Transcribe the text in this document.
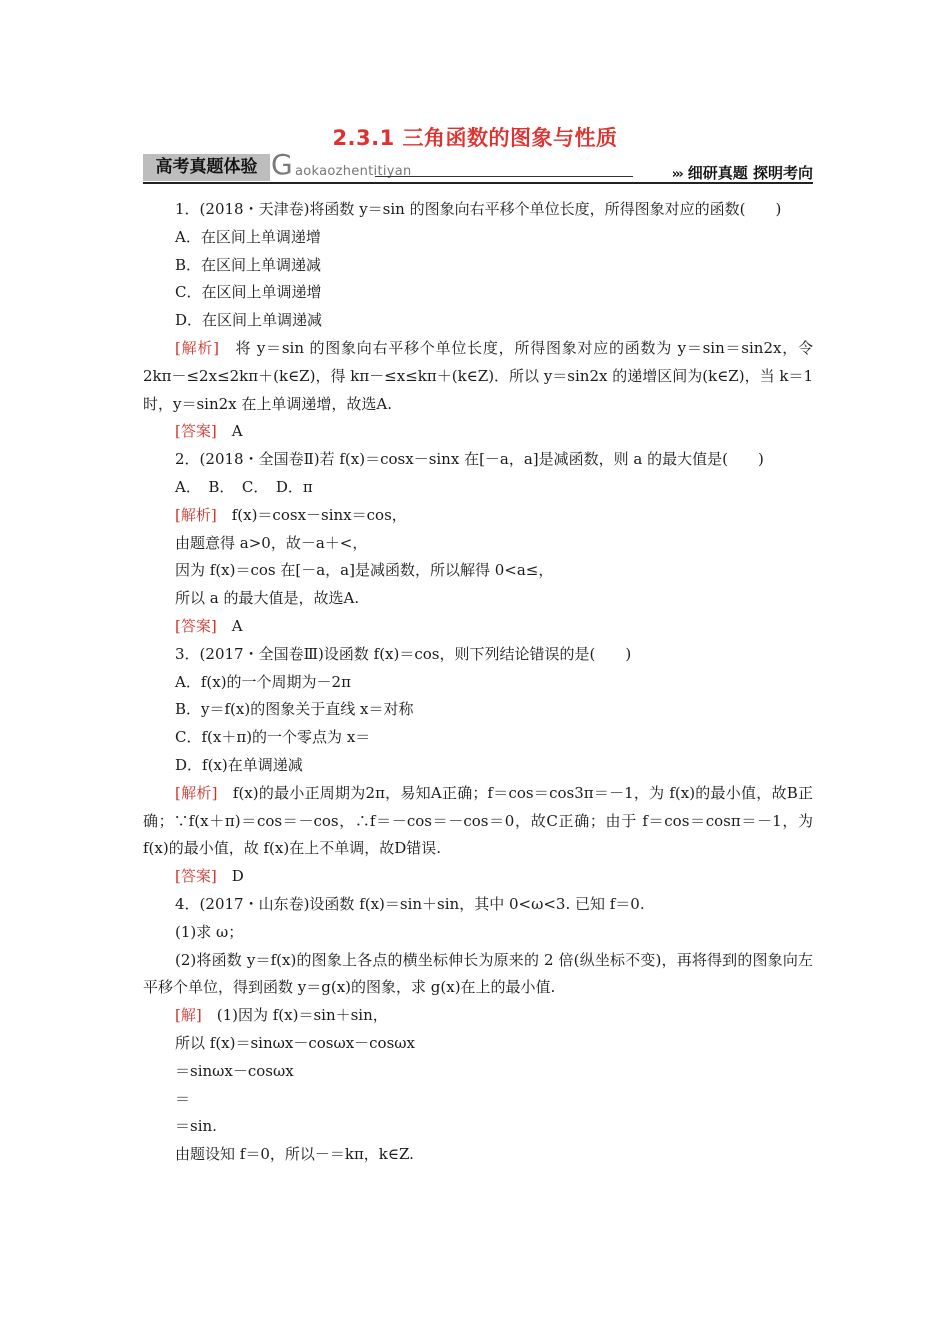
2.3.1 三角函数的图象与性质
高考真题体验 G aokaozhentitiyan	››› 细研真题 探明考向

1．(2018・天津卷)将函数 y＝sin 的图象向右平移个单位长度，所得图象对应的函数(　　)

A．在区间上单调递增

B．在区间上单调递减

C．在区间上单调递增

D．在区间上单调递减

[解析]　将 y＝sin 的图象向右平移个单位长度，所得图象对应的函数为 y＝sin＝sin2x，令 2kπ－≤2x≤2kπ＋(k∈Z)，得 kπ－≤x≤kπ＋(k∈Z)．所以 y＝sin2x 的递增区间为(k∈Z)，当 k＝1 时，y＝sin2x 在上单调递增，故选A.

[答案]　A

2．(2018・全国卷Ⅱ)若 f(x)＝cosx－sinx 在[－a，a]是减函数，则 a 的最大值是(　　)

A．　B．　C．　D．π

[解析]　f(x)＝cosx－sinx＝cos，

由题意得 a>0，故－a＋<，

因为 f(x)＝cos 在[－a，a]是减函数，所以解得 0<a≤，

所以 a 的最大值是，故选A.

[答案]　A

3．(2017・全国卷Ⅲ)设函数 f(x)＝cos，则下列结论错误的是(　　)

A．f(x)的一个周期为－2π

B．y＝f(x)的图象关于直线 x＝对称

C．f(x＋π)的一个零点为 x＝

D．f(x)在单调递减

[解析]　f(x)的最小正周期为2π，易知A正确；f＝cos＝cos3π＝－1，为 f(x)的最小值，故B正确；∵f(x＋π)＝cos＝－cos，∴f＝－cos＝－cos＝0，故C正确；由于 f＝cos＝cosπ＝－1，为 f(x)的最小值，故 f(x)在上不单调，故D错误.

[答案]　D

4．(2017・山东卷)设函数 f(x)＝sin＋sin，其中 0<ω<3. 已知 f＝0.

(1)求 ω；

(2)将函数 y＝f(x)的图象上各点的横坐标伸长为原来的 2 倍(纵坐标不变)，再将得到的图象向左平移个单位，得到函数 y＝g(x)的图象，求 g(x)在上的最小值.

[解]　(1)因为 f(x)＝sin＋sin，

所以 f(x)＝sinωx－cosωx－cosωx

＝sinωx－cosωx

＝

＝sin.

由题设知 f＝0，所以－＝kπ，k∈Z.
